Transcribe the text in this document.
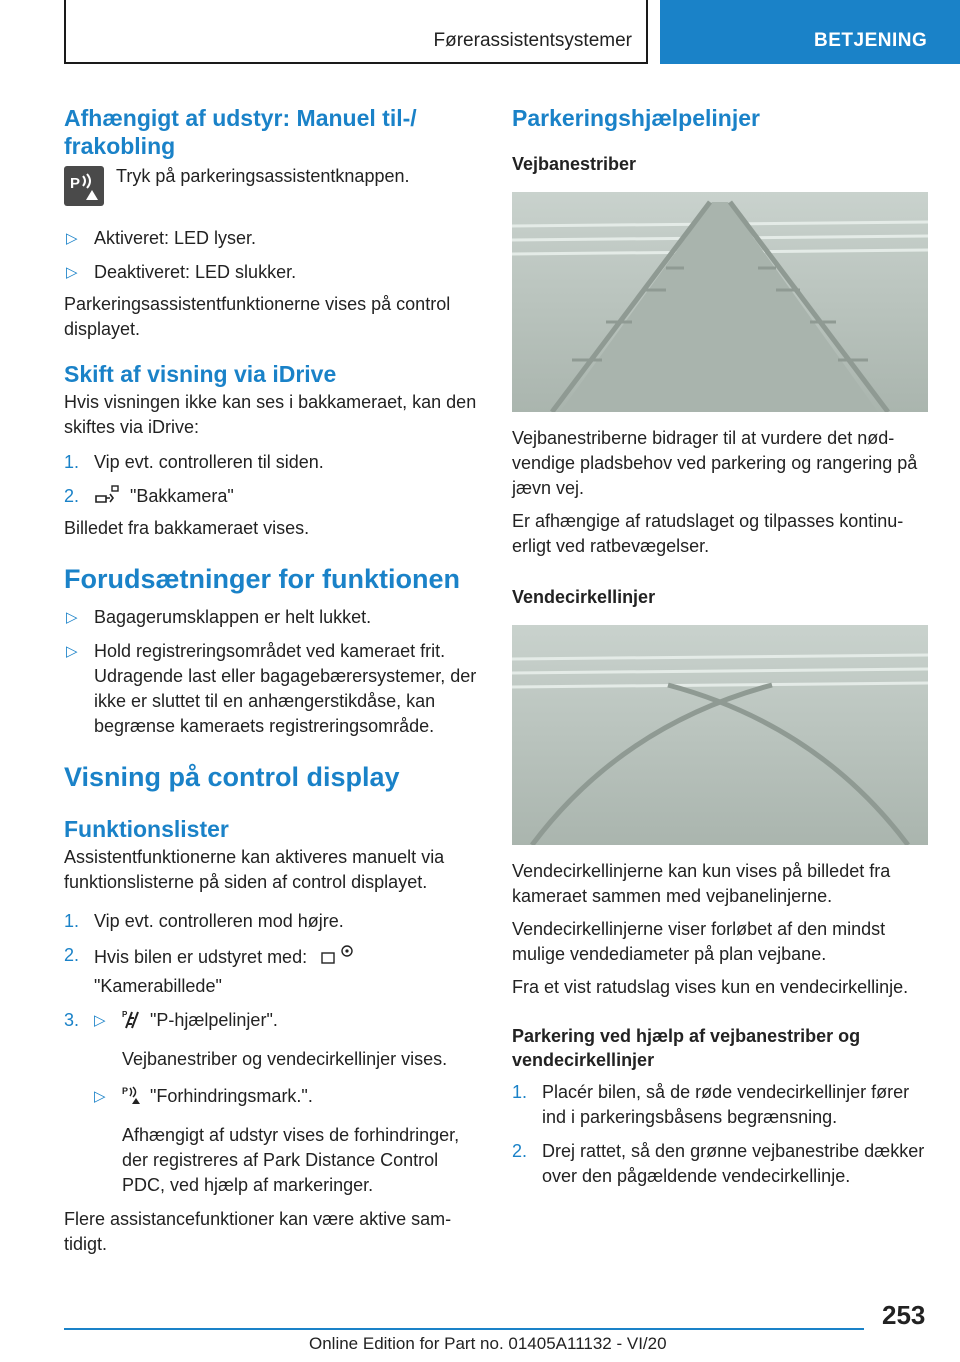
Førerassistentsystemer	BETJENING
Afhængigt af udstyr: Manuel til-/ frakobling
P Tryk på parkeringsassistentknappen.

▷ Aktiveret: LED lyser.
▷ Deaktiveret: LED slukker.

Parkeringsassistentfunktionerne vises på control displayet.

Skift af visning via iDrive

Hvis visningen ikke kan ses i bakkameraet, kan den skiftes via iDrive:

1. Vip evt. controlleren til siden.
2.	"Bakkamera"

Billedet fra bakkameraet vises.

Forudsætninger for funktionen
▷ Bagagerumsklappen er helt lukket.
▷ Hold registreringsområdet ved kameraet frit. Udragende last eller bagagebærersystemer, der ikke er sluttet til en anhængerstikdåse, kan begrænse kameraets registreringsområde.
Visning på control display
Funktionslister

Assistentfunktionerne kan aktiveres manuelt via funktionslisterne på siden af control displayet.

1. Vip evt. controlleren mod højre.
2. Hvis bilen er udstyret med:
"Kamerabillede"
3. ▷ P "P-hjælpelinjer".

Vejbanestriber og vendecirkellinjer vises.

▷ P "Forhindringsmark.".

Afhængigt af udstyr vises de forhindringer, der registreres af Park Distance Control PDC, ved hjælp af markeringer.

Flere assistancefunktioner kan være aktive samtidigt.

Parkeringshjælpelinjer
Vejbanestriber

Vejbanestriberne bidrager til at vurdere det nødvendige pladsbehov ved parkering og rangering på jævn vej.

Er afhængige af ratudslaget og tilpasses kontinuerligt ved ratbevægelser.

Vendecirkellinjer

Vendecirkellinjerne kan kun vises på billedet fra kameraet sammen med vejbanelinjerne.

Vendecirkellinjerne viser forløbet af den mindst mulige vendediameter på plan vejbane.

Fra et vist ratudslag vises kun en vendecirkellinje.

Parkering ved hjælp af vejbanestriber og vendecirkellinjer
1. Placér bilen, så de røde vendecirkellinjer fører ind i parkeringsbåsens begrænsning.
2. Drej rattet, så den grønne vejbanestribe dækker over den pågældende vendecirkellinje.
253
Online Edition for Part no. 01405A11132 - VI/20
